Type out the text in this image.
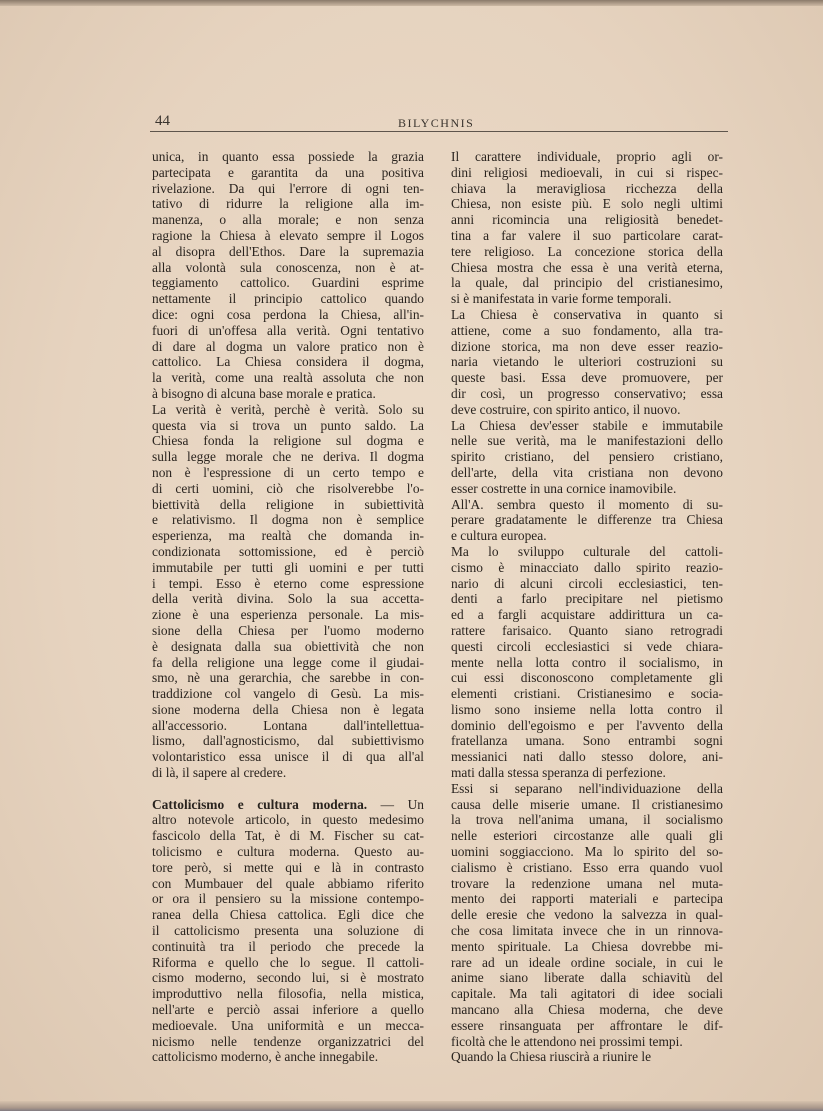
44	BILYCHNIS
unica, in quanto essa possiede la grazia
partecipata e garantita da una positiva
rivelazione. Da qui l'errore di ogni ten-
tativo di ridurre la religione alla im-
manenza, o alla morale; e non senza
ragione la Chiesa à elevato sempre il Logos
al disopra dell'Ethos. Dare la supremazia
alla volontà sula conoscenza, non è at-
teggiamento cattolico. Guardini esprime
nettamente il principio cattolico quando
dice: ogni cosa perdona la Chiesa, all'in-
fuori di un'offesa alla verità. Ogni tentativo
di dare al dogma un valore pratico non è
cattolico. La Chiesa considera il dogma,
la verità, come una realtà assoluta che non
à bisogno di alcuna base morale e pratica.
La verità è verità, perchè è verità. Solo su
questa via si trova un punto saldo. La
Chiesa fonda la religione sul dogma e
sulla legge morale che ne deriva. Il dogma
non è l'espressione di un certo tempo e
di certi uomini, ciò che risolverebbe l'o-
biettività della religione in subiettività
e relativismo. Il dogma non è semplice
esperienza, ma realtà che domanda in-
condizionata sottomissione, ed è perciò
immutabile per tutti gli uomini e per tutti
i tempi. Esso è eterno come espressione
della verità divina. Solo la sua accetta-
zione è una esperienza personale. La mis-
sione della Chiesa per l'uomo moderno
è designata dalla sua obiettività che non
fa della religione una legge come il giudai-
smo, nè una gerarchia, che sarebbe in con-
traddizione col vangelo di Gesù. La mis-
sione moderna della Chiesa non è legata
all'accessorio. Lontana dall'intellettua-
lismo, dall'agnosticismo, dal subiettivismo
volontaristico essa unisce il di qua all'al
di là, il sapere al credere.
Cattolicismo e cultura moderna. — Un
altro notevole articolo, in questo medesimo
fascicolo della Tat, è di M. Fischer su cat-
tolicismo e cultura moderna. Questo au-
tore però, si mette qui e là in contrasto
con Mumbauer del quale abbiamo riferito
or ora il pensiero su la missione contempo-
ranea della Chiesa cattolica. Egli dice che
il cattolicismo presenta una soluzione di
continuità tra il periodo che precede la
Riforma e quello che lo segue. Il cattoli-
cismo moderno, secondo lui, si è mostrato
improduttivo nella filosofia, nella mistica,
nell'arte e perciò assai inferiore a quello
medioevale. Una uniformità e un mecca-
nicismo nelle tendenze organizzatrici del
cattolicismo moderno, è anche innegabile.
Il carattere individuale, proprio agli or-
dini religiosi medioevali, in cui si rispec-
chiava la meravigliosa ricchezza della
Chiesa, non esiste più. E solo negli ultimi
anni ricomincia una religiosità benedet-
tina a far valere il suo particolare carat-
tere religioso. La concezione storica della
Chiesa mostra che essa è una verità eterna,
la quale, dal principio del cristianesimo,
si è manifestata in varie forme temporali.
La Chiesa è conservativa in quanto si
attiene, come a suo fondamento, alla tra-
dizione storica, ma non deve esser reazio-
naria vietando le ulteriori costruzioni su
queste basi. Essa deve promuovere, per
dir così, un progresso conservativo; essa
deve costruire, con spirito antico, il nuovo.
La Chiesa dev'esser stabile e immutabile
nelle sue verità, ma le manifestazioni dello
spirito cristiano, del pensiero cristiano,
dell'arte, della vita cristiana non devono
esser costrette in una cornice inamovibile.
All'A. sembra questo il momento di su-
perare gradatamente le differenze tra Chiesa
e cultura europea.
Ma lo sviluppo culturale del cattoli-
cismo è minacciato dallo spirito reazio-
nario di alcuni circoli ecclesiastici, ten-
denti a farlo precipitare nel pietismo
ed a fargli acquistare addirittura un ca-
rattere farisaico. Quanto siano retrogradi
questi circoli ecclesiastici si vede chiara-
mente nella lotta contro il socialismo, in
cui essi disconoscono completamente gli
elementi cristiani. Cristianesimo e socia-
lismo sono insieme nella lotta contro il
dominio dell'egoismo e per l'avvento della
fratellanza umana. Sono entrambi sogni
messianici nati dallo stesso dolore, ani-
mati dalla stessa speranza di perfezione.
Essi si separano nell'individuazione della
causa delle miserie umane. Il cristianesimo
la trova nell'anima umana, il socialismo
nelle esteriori circostanze alle quali gli
uomini soggiacciono. Ma lo spirito del so-
cialismo è cristiano. Esso erra quando vuol
trovare la redenzione umana nel muta-
mento dei rapporti materiali e partecipa
delle eresie che vedono la salvezza in qual-
che cosa limitata invece che in un rinnova-
mento spirituale. La Chiesa dovrebbe mi-
rare ad un ideale ordine sociale, in cui le
anime siano liberate dalla schiavitù del
capitale. Ma tali agitatori di idee sociali
mancano alla Chiesa moderna, che deve
essere rinsanguata per affrontare le dif-
ficoltà che le attendono nei prossimi tempi.
Quando la Chiesa riuscirà a riunire le
